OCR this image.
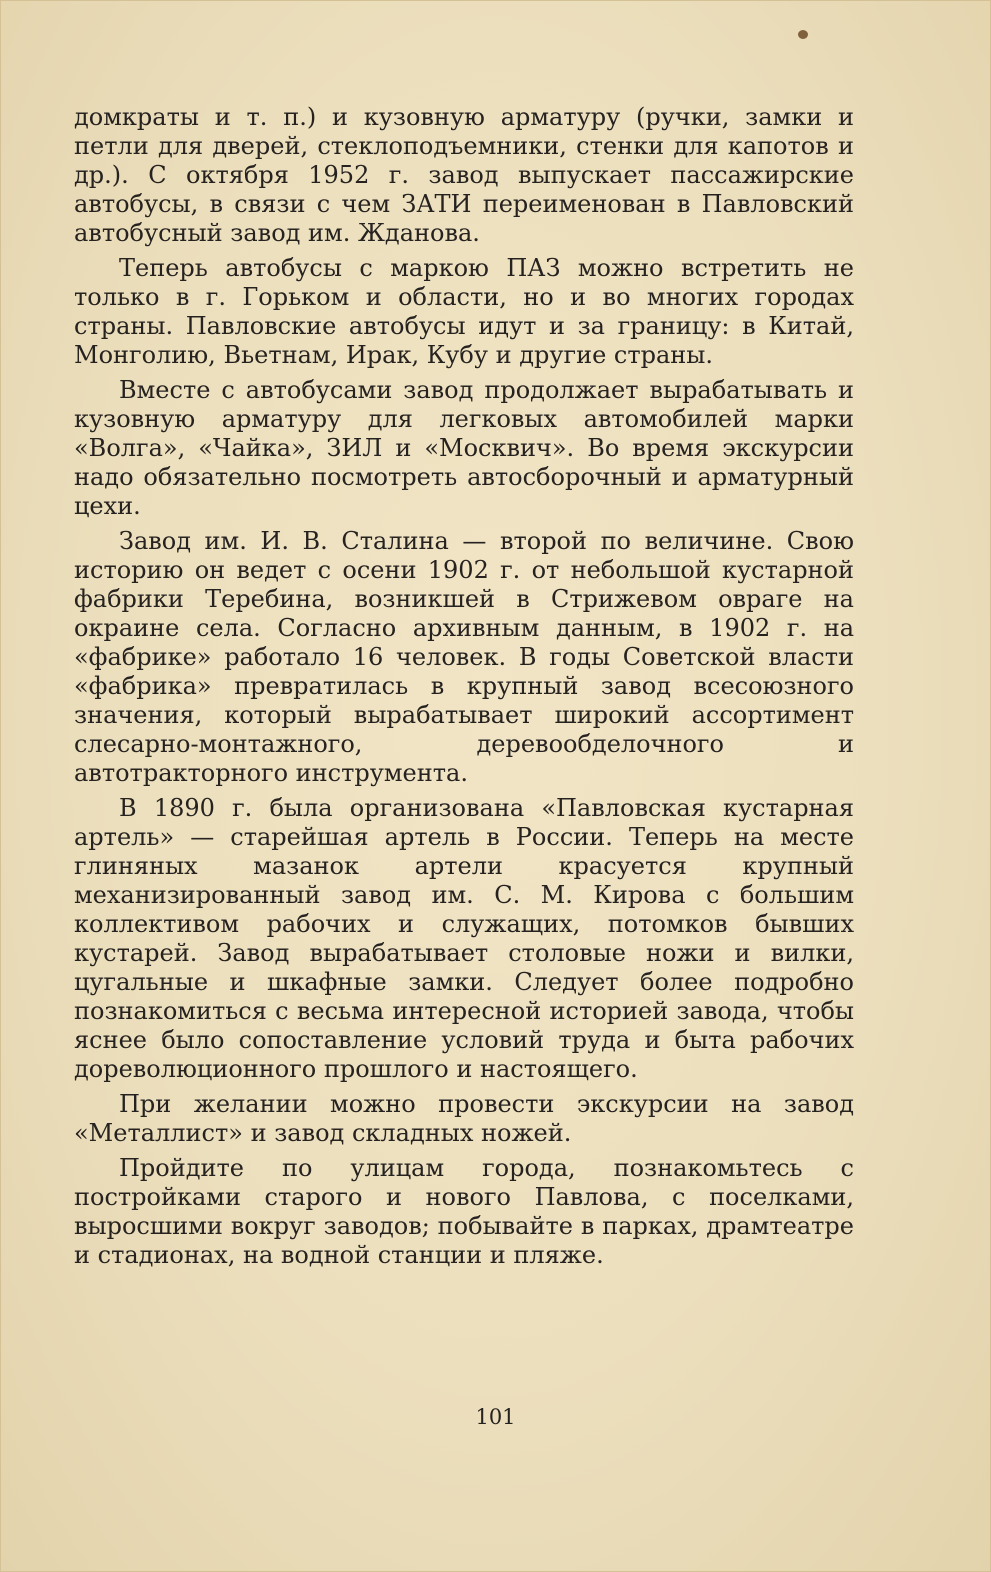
домкраты и т. п.) и кузовную арматуру (ручки, замки и петли для дверей, стеклоподъемники, стенки для капотов и др.). С октября 1952 г. завод выпускает пассажирские автобусы, в связи с чем ЗАТИ переименован в Павловский автобусный завод им. Жданова.

Теперь автобусы с маркою ПАЗ можно встретить не только в г. Горьком и области, но и во многих городах страны. Павловские автобусы идут и за границу: в Китай, Монголию, Вьетнам, Ирак, Кубу и другие страны.

Вместе с автобусами завод продолжает вырабатывать и кузовную арматуру для легковых автомобилей марки «Волга», «Чайка», ЗИЛ и «Москвич». Во время экскурсии надо обязательно посмотреть автосборочный и арматурный цехи.

Завод им. И. В. Сталина — второй по величине. Свою историю он ведет с осени 1902 г. от небольшой кустарной фабрики Теребина, возникшей в Стрижевом овраге на окраине села. Согласно архивным данным, в 1902 г. на «фабрике» работало 16 человек. В годы Советской власти «фабрика» превратилась в крупный завод всесоюзного значения, который вырабатывает широкий ассортимент слесарно-монтажного, деревообделочного и автотракторного инструмента.

В 1890 г. была организована «Павловская кустарная артель» — старейшая артель в России. Теперь на месте глиняных мазанок артели красуется крупный механизированный завод им. С. М. Кирова с большим коллективом рабочих и служащих, потомков бывших кустарей. Завод вырабатывает столовые ножи и вилки, цугальные и шкафные замки. Следует более подробно познакомиться с весьма интересной историей завода, чтобы яснее было сопоставление условий труда и быта рабочих дореволюционного прошлого и настоящего.

При желании можно провести экскурсии на завод «Металлист» и завод складных ножей.

Пройдите по улицам города, познакомьтесь с постройками старого и нового Павлова, с поселками, выросшими вокруг заводов; побывайте в парках, драмтеатре и стадионах, на водной станции и пляже.

101
